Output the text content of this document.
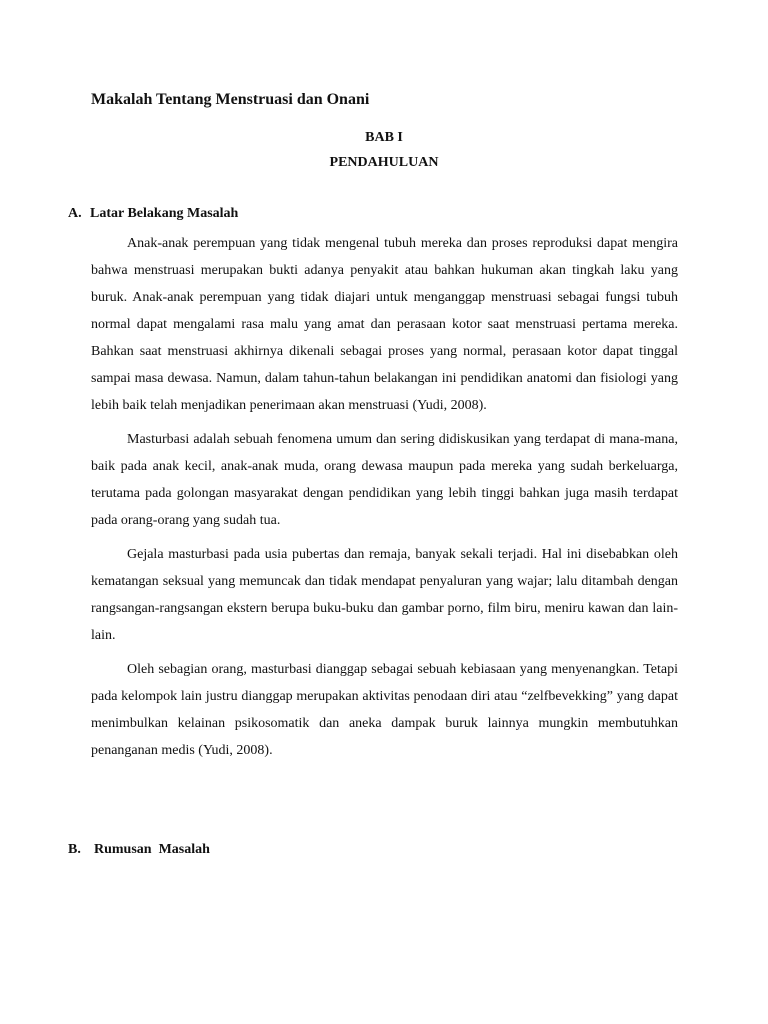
Makalah Tentang Menstruasi dan Onani
BAB I
PENDAHULUAN
A. Latar Belakang Masalah

Anak-anak perempuan yang tidak mengenal tubuh mereka dan proses reproduksi dapat mengira bahwa menstruasi merupakan bukti adanya penyakit atau bahkan hukuman akan tingkah laku yang buruk. Anak-anak perempuan yang tidak diajari untuk menganggap menstruasi sebagai fungsi tubuh normal dapat mengalami rasa malu yang amat dan perasaan kotor saat menstruasi pertama mereka. Bahkan saat menstruasi akhirnya dikenali sebagai proses yang normal, perasaan kotor dapat tinggal sampai masa dewasa. Namun, dalam tahun-tahun belakangan ini pendidikan anatomi dan fisiologi yang lebih baik telah menjadikan penerimaan akan menstruasi (Yudi, 2008).

Masturbasi adalah sebuah fenomena umum dan sering didiskusikan yang terdapat di mana-mana, baik pada anak kecil, anak-anak muda, orang dewasa maupun pada mereka yang sudah berkeluarga, terutama pada golongan masyarakat dengan pendidikan yang lebih tinggi bahkan juga masih terdapat pada orang-orang yang sudah tua.

Gejala masturbasi pada usia pubertas dan remaja, banyak sekali terjadi. Hal ini disebabkan oleh kematangan seksual yang memuncak dan tidak mendapat penyaluran yang wajar; lalu ditambah dengan rangsangan-rangsangan ekstern berupa buku-buku dan gambar porno, film biru, meniru kawan dan lain-lain.

Oleh sebagian orang, masturbasi dianggap sebagai sebuah kebiasaan yang menyenangkan. Tetapi pada kelompok lain justru dianggap merupakan aktivitas penodaan diri atau “zelfbevekking” yang dapat menimbulkan kelainan psikosomatik dan aneka dampak buruk lainnya mungkin membutuhkan penanganan medis (Yudi, 2008).

B. Rumusan  Masalah
